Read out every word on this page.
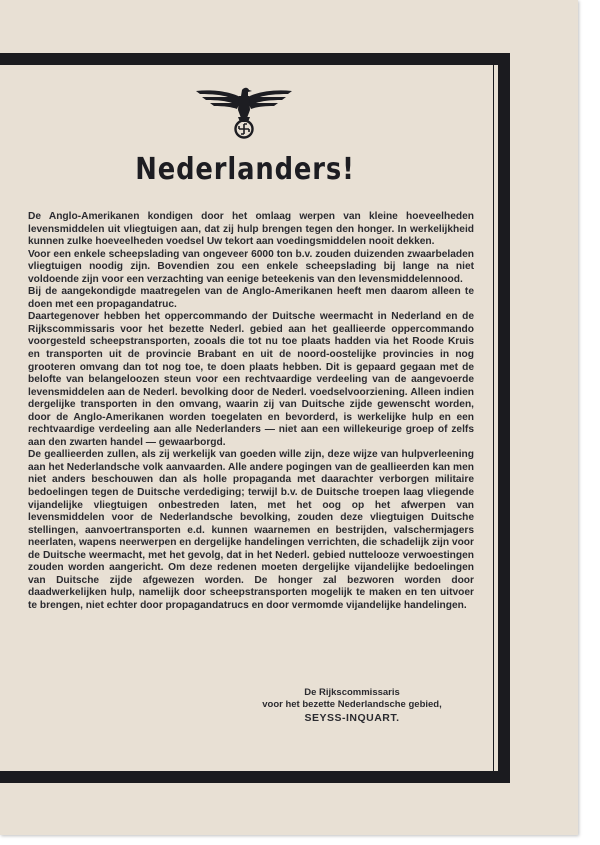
Nederlanders!

De Anglo-Amerikanen kondigen door het omlaag werpen van kleine hoeveelheden levensmiddelen uit vliegtuigen aan, dat zij hulp brengen tegen den honger. In werkelijkheid kunnen zulke hoeveelheden voedsel Uw tekort aan voedingsmiddelen nooit dekken.

Voor een enkele scheepslading van ongeveer 6000 ton b.v. zouden duizenden zwaarbeladen vliegtuigen noodig zijn. Bovendien zou een enkele scheepslading bij lange na niet voldoende zijn voor een verzachting van eenige beteekenis van den levensmiddelennood.

Bij de aangekondigde maatregelen van de Anglo-Amerikanen heeft men daarom alleen te doen met een propagandatruc.

Daartegenover hebben het oppercommando der Duitsche weermacht in Nederland en de Rijkscommissaris voor het bezette Nederl. gebied aan het geallieerde oppercommando voorgesteld scheepstransporten, zooals die tot nu toe plaats hadden via het Roode Kruis en transporten uit de provincie Brabant en uit de noord-oostelijke provincies in nog grooteren omvang dan tot nog toe, te doen plaats hebben. Dit is gepaard gegaan met de belofte van belangeloozen steun voor een rechtvaardige verdeeling van de aangevoerde levensmiddelen aan de Nederl. bevolking door de Nederl. voedselvoorziening. Alleen indien dergelijke transporten in den omvang, waarin zij van Duitsche zijde gewenscht worden, door de Anglo-Amerikanen worden toegelaten en bevorderd, is werkelijke hulp en een rechtvaardige verdeeling aan alle Nederlanders — niet aan een willekeurige groep of zelfs aan den zwarten handel — gewaarborgd.

De geallieerden zullen, als zij werkelijk van goeden wille zijn, deze wijze van hulpverleening aan het Nederlandsche volk aanvaarden. Alle andere pogingen van de geallieerden kan men niet anders beschouwen dan als holle propaganda met daarachter verborgen militaire bedoelingen tegen de Duitsche verdediging; terwijl b.v. de Duitsche troepen laag vliegende vijandelijke vliegtuigen onbestreden laten, met het oog op het afwerpen van levensmiddelen voor de Nederlandsche bevolking, zouden deze vliegtuigen Duitsche stellingen, aanvoertransporten e.d. kunnen waarnemen en bestrijden, valschermjagers neerlaten, wapens neerwerpen en dergelijke handelingen verrichten, die schadelijk zijn voor de Duitsche weermacht, met het gevolg, dat in het Nederl. gebied nuttelooze verwoestingen zouden worden aangericht. Om deze redenen moeten dergelijke vijandelijke bedoelingen van Duitsche zijde afgewezen worden. De honger zal bezworen worden door daadwerkelijken hulp, namelijk door scheepstransporten mogelijk te maken en ten uitvoer te brengen, niet echter door propagandatrucs en door vermomde vijandelijke handelingen.

De Rijkscommissaris
voor het bezette Nederlandsche gebied,
SEYSS-INQUART.
